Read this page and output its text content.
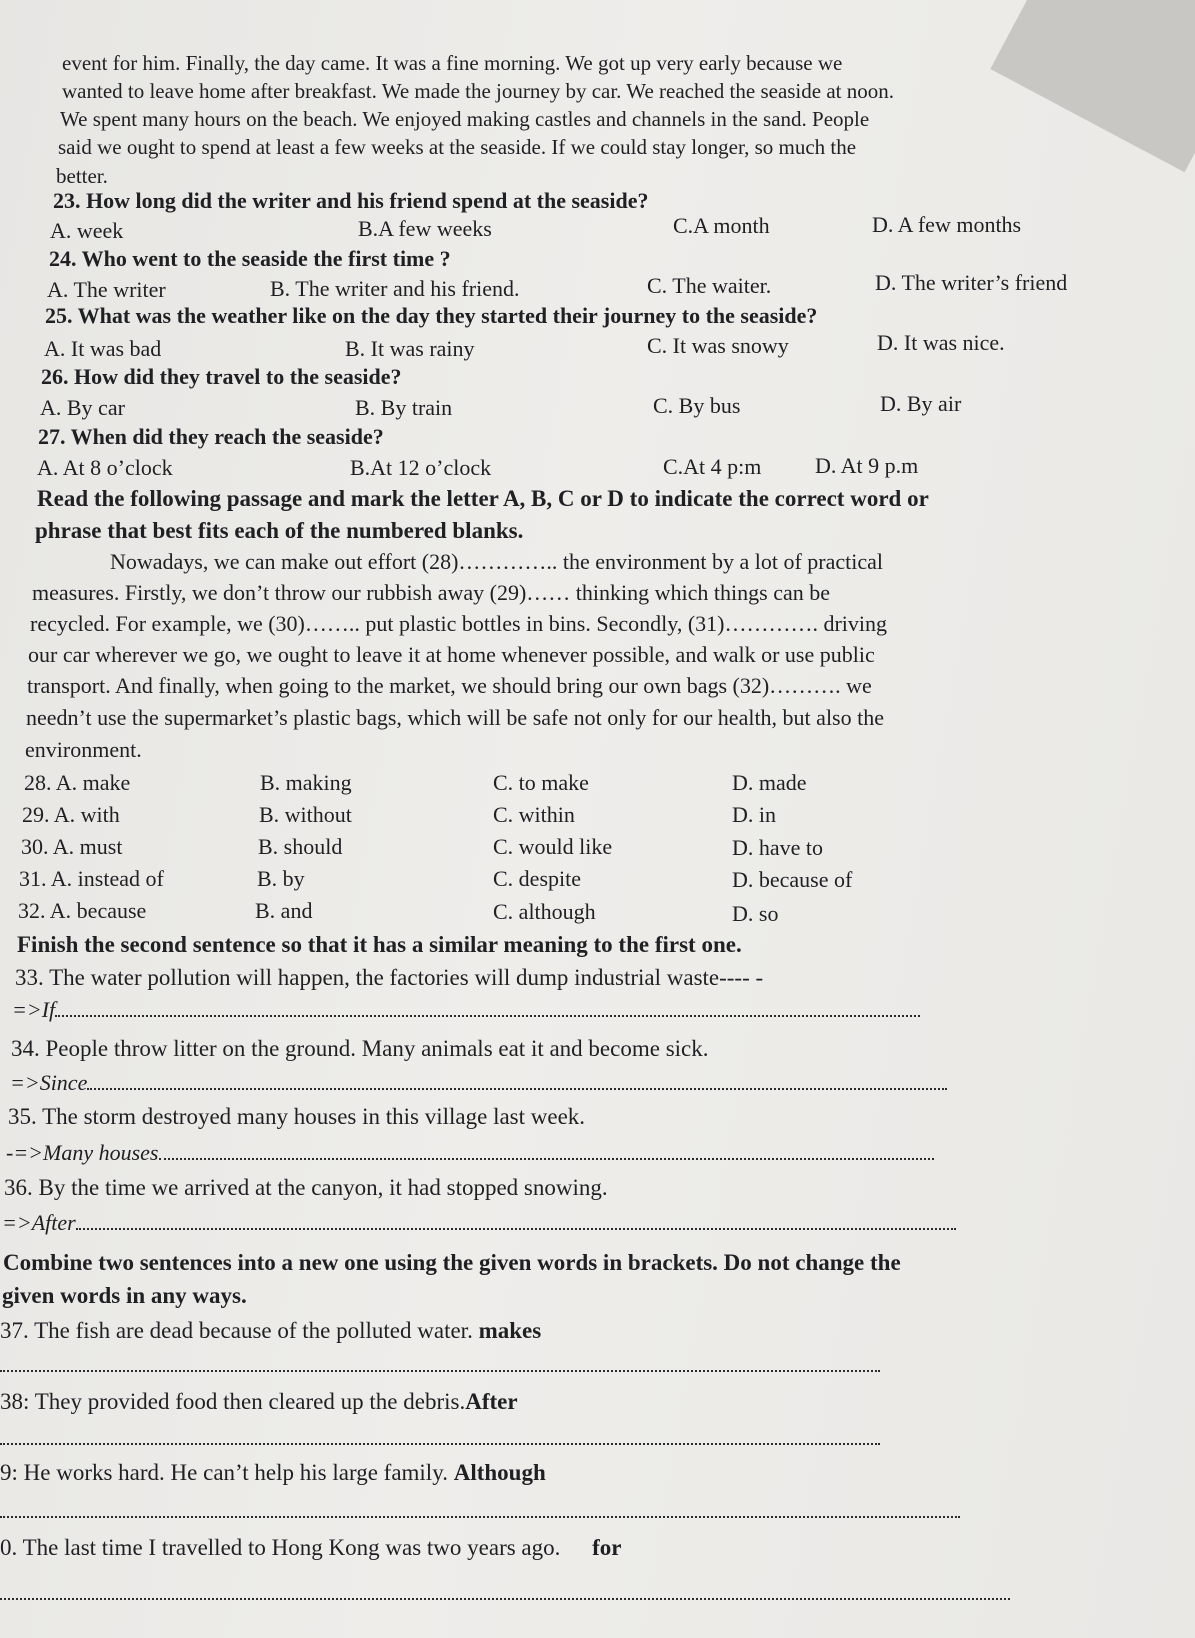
event for him. Finally, the day came. It was a fine morning. We got up very early because we
wanted to leave home after breakfast. We made the journey by car. We reached the seaside at noon.
We spent many hours on the beach. We enjoyed making castles and channels in the sand. People
said we ought to spend at least a few weeks at the seaside. If we could stay longer, so much the
better.
23. How long did the writer and his friend spend at the seaside?
A. week	B.A few weeks	C.A month	D. A few months
24. Who went to the seaside the first time ?
A. The writer	B. The writer and his friend.	C. The waiter.	D. The writer’s friend
25. What was the weather like on the day they started their journey to the seaside?
A. It was bad	B. It was rainy	C. It was snowy	D. It was nice.
26. How did they travel to the seaside?
A. By car	B. By train	C. By bus	D. By air
27. When did they reach the seaside?
A. At 8 o’clock	B.At 12 o’clock	C.At 4 p:m D. At 9 p.m
Read the following passage and mark the letter A, B, C or D to indicate the correct word or
phrase that best fits each of the numbered blanks.
Nowadays, we can make out effort (28)………….. the environment by a lot of practical
measures. Firstly, we don’t throw our rubbish away (29)…… thinking which things can be
recycled. For example, we (30)…….. put plastic bottles in bins. Secondly, (31)…………. driving
our car wherever we go, we ought to leave it at home whenever possible, and walk or use public
transport. And finally, when going to the market, we should bring our own bags (32)………. we
needn’t use the supermarket’s plastic bags, which will be safe not only for our health, but also the
environment.
28. A. make	B. making	C. to make	D. made
29. A. with	B. without	C. within	D. in
30. A. must	B. should	C. would like	D. have to
31. A. instead of	B. by	C. despite	D. because of
32. A. because	B. and	C. although	D. so
Finish the second sentence so that it has a similar meaning to the first one.
33. The water pollution will happen, the factories will dump industrial waste---- -
=>If
34. People throw litter on the ground. Many animals eat it and become sick.
=>Since
35. The storm destroyed many houses in this village last week.
-=>Many houses
36. By the time we arrived at the canyon, it had stopped snowing.
=>After
Combine two sentences into a new one using the given words in brackets. Do not change the
given words in any ways.
37. The fish are dead because of the polluted water. makes
38: They provided food then cleared up the debris.After
9: He works hard. He can’t help his large family. Although
0. The last time I travelled to Hong Kong was two years ago. for
